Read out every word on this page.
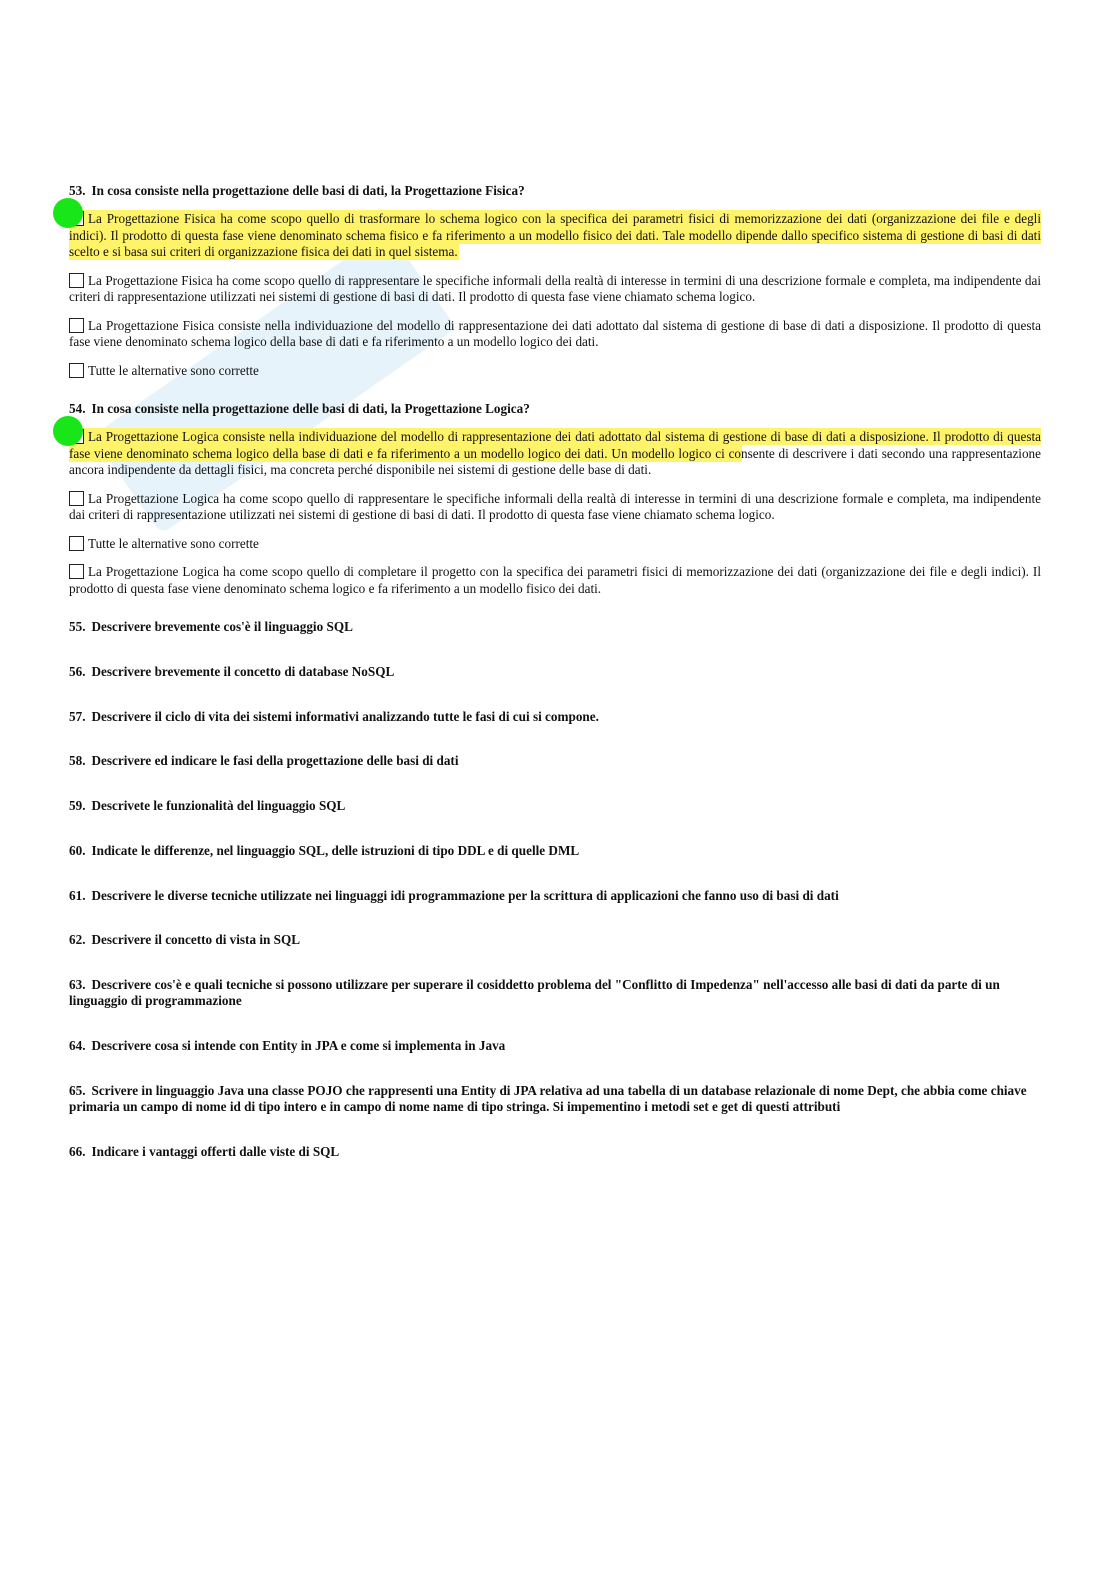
53. In cosa consiste nella progettazione delle basi di dati, la Progettazione Fisica?

La Progettazione Fisica ha come scopo quello di trasformare lo schema logico con la specifica dei parametri fisici di memorizzazione dei dati (organizzazione dei file e degli indici). Il prodotto di questa fase viene denominato schema fisico e fa riferimento a un modello fisico dei dati. Tale modello dipende dallo specifico sistema di gestione di basi di dati scelto e si basa sui criteri di organizzazione fisica dei dati in quel sistema.

La Progettazione Fisica ha come scopo quello di rappresentare le specifiche informali della realtà di interesse in termini di una descrizione formale e completa, ma indipendente dai criteri di rappresentazione utilizzati nei sistemi di gestione di basi di dati. Il prodotto di questa fase viene chiamato schema logico.

La Progettazione Fisica consiste nella individuazione del modello di rappresentazione dei dati adottato dal sistema di gestione di base di dati a disposizione. Il prodotto di questa fase viene denominato schema logico della base di dati e fa riferimento a un modello logico dei dati.

Tutte le alternative sono corrette

54. In cosa consiste nella progettazione delle basi di dati, la Progettazione Logica?

La Progettazione Logica consiste nella individuazione del modello di rappresentazione dei dati adottato dal sistema di gestione di base di dati a disposizione. Il prodotto di questa fase viene denominato schema logico della base di dati e fa riferimento a un modello logico dei dati. Un modello logico ci consente di descrivere i dati secondo una rappresentazione ancora indipendente da dettagli fisici, ma concreta perché disponibile nei sistemi di gestione delle base di dati.

La Progettazione Logica ha come scopo quello di rappresentare le specifiche informali della realtà di interesse in termini di una descrizione formale e completa, ma indipendente dai criteri di rappresentazione utilizzati nei sistemi di gestione di basi di dati. Il prodotto di questa fase viene chiamato schema logico.

Tutte le alternative sono corrette

La Progettazione Logica ha come scopo quello di completare il progetto con la specifica dei parametri fisici di memorizzazione dei dati (organizzazione dei file e degli indici). Il prodotto di questa fase viene denominato schema logico e fa riferimento a un modello fisico dei dati.

55. Descrivere brevemente cos'è il linguaggio SQL

56. Descrivere brevemente il concetto di database NoSQL

57. Descrivere il ciclo di vita dei sistemi informativi analizzando tutte le fasi di cui si compone.

58. Descrivere ed indicare le fasi della progettazione delle basi di dati

59. Descrivete le funzionalità del linguaggio SQL

60. Indicate le differenze, nel linguaggio SQL, delle istruzioni di tipo DDL e di quelle DML

61. Descrivere le diverse tecniche utilizzate nei linguaggi idi programmazione per la scrittura di applicazioni che fanno uso di basi di dati

62. Descrivere il concetto di vista in SQL

63. Descrivere cos'è e quali tecniche si possono utilizzare per superare il cosiddetto problema del "Conflitto di Impedenza" nell'accesso alle basi di dati da parte di un linguaggio di programmazione

64. Descrivere cosa si intende con Entity in JPA e come si implementa in Java

65. Scrivere in linguaggio Java una classe POJO che rappresenti una Entity di JPA relativa ad una tabella di un database relazionale di nome Dept, che abbia come chiave primaria un campo di nome id di tipo intero e in campo di nome name di tipo stringa. Si impementino i metodi set e get di questi attributi

66. Indicare i vantaggi offerti dalle viste di SQL
